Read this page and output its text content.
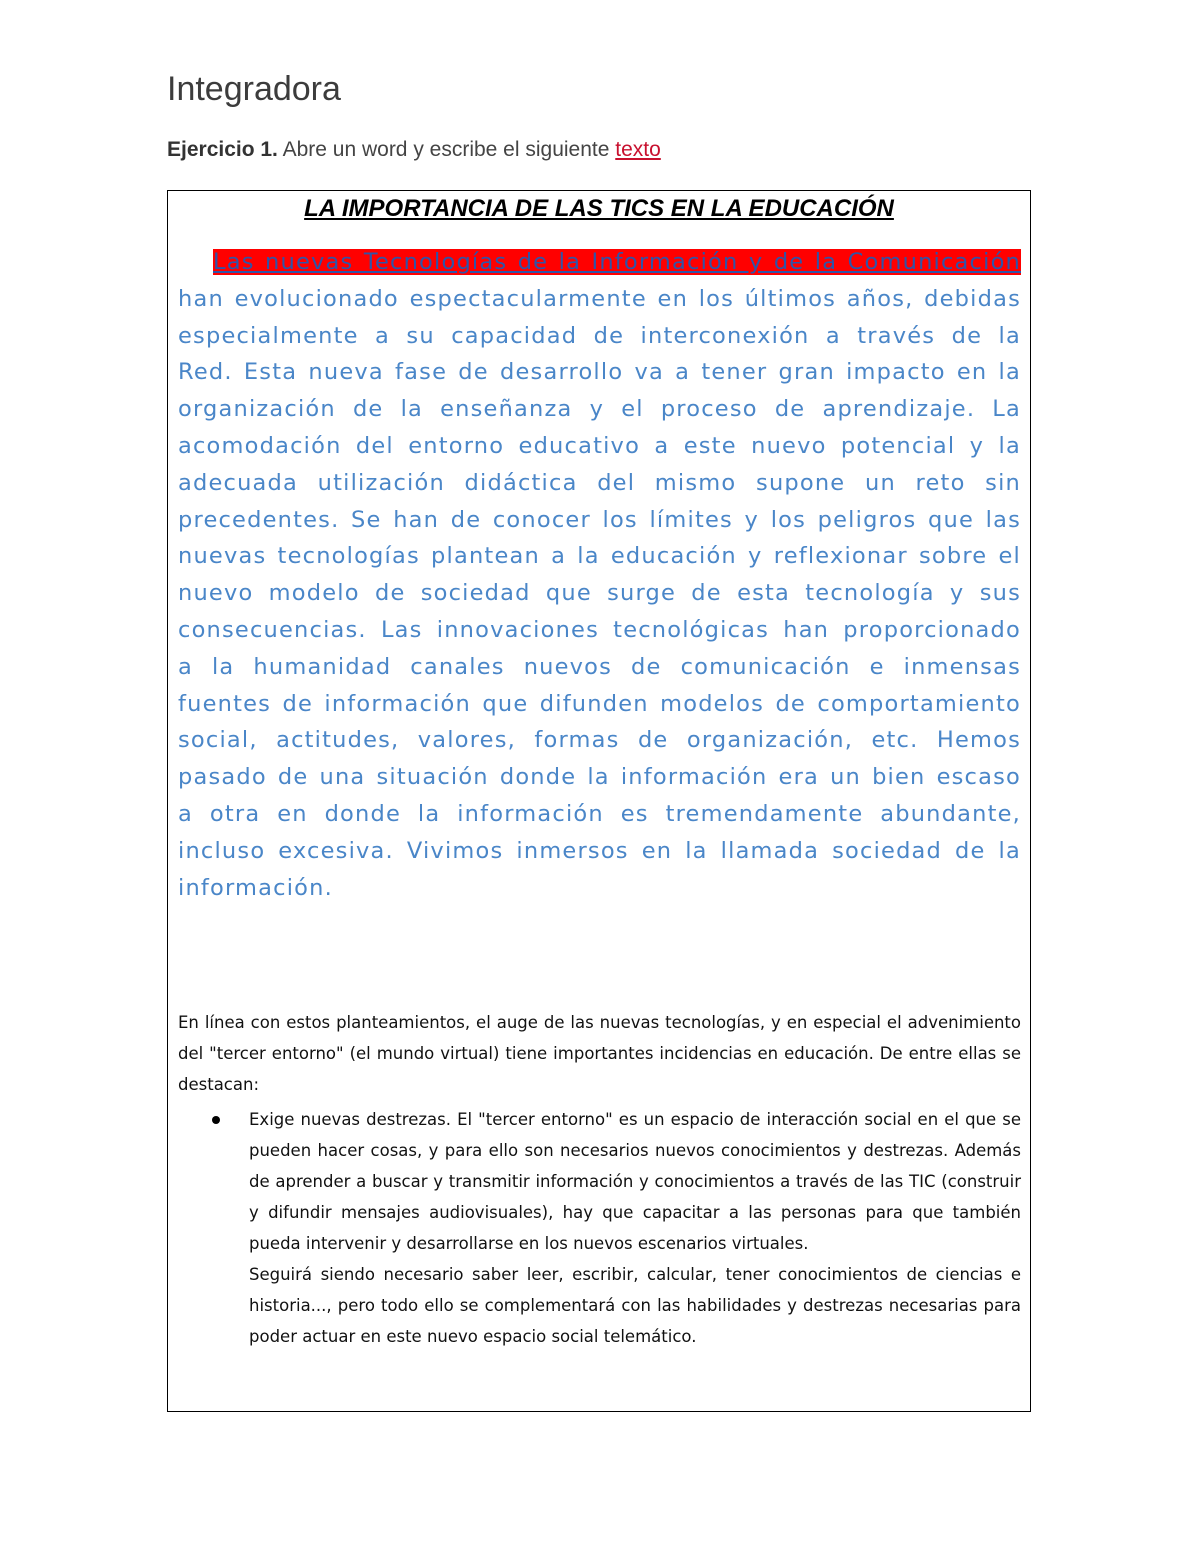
Integradora
Ejercicio 1. Abre un word y escribe el siguiente texto
LA IMPORTANCIA DE LAS TICS EN LA EDUCACIÓN

Las nuevas Tecnologías de la Información y de la Comunicación han evolucionado espectacularmente en los últimos años, debidas especialmente a su capacidad de interconexión a través de la Red. Esta nueva fase de desarrollo va a tener gran impacto en la organización de la enseñanza y el proceso de aprendizaje. La acomodación del entorno educativo a este nuevo potencial y la adecuada utilización didáctica del mismo supone un reto sin precedentes. Se han de conocer los límites y los peligros que las nuevas tecnologías plantean a la educación y reflexionar sobre el nuevo modelo de sociedad que surge de esta tecnología y sus consecuencias. Las innovaciones tecnológicas han proporcionado a la humanidad canales nuevos de comunicación e inmensas fuentes de información que difunden modelos de comportamiento social, actitudes, valores, formas de organización, etc. Hemos pasado de una situación donde la información era un bien escaso a otra en donde la información es tremendamente abundante, incluso excesiva. Vivimos inmersos en la llamada sociedad de la información.

En línea con estos planteamientos, el auge de las nuevas tecnologías, y en especial el advenimiento del "tercer entorno" (el mundo virtual) tiene importantes incidencias en educación. De entre ellas se destacan:

Exige nuevas destrezas. El "tercer entorno" es un espacio de interacción social en el que se pueden hacer cosas, y para ello son necesarios nuevos conocimientos y destrezas. Además de aprender a buscar y transmitir información y conocimientos a través de las TIC (construir y difundir mensajes audiovisuales), hay que capacitar a las personas para que también pueda intervenir y desarrollarse en los nuevos escenarios virtuales.

Seguirá siendo necesario saber leer, escribir, calcular, tener conocimientos de ciencias e historia..., pero todo ello se complementará con las habilidades y destrezas necesarias para poder actuar en este nuevo espacio social telemático.
